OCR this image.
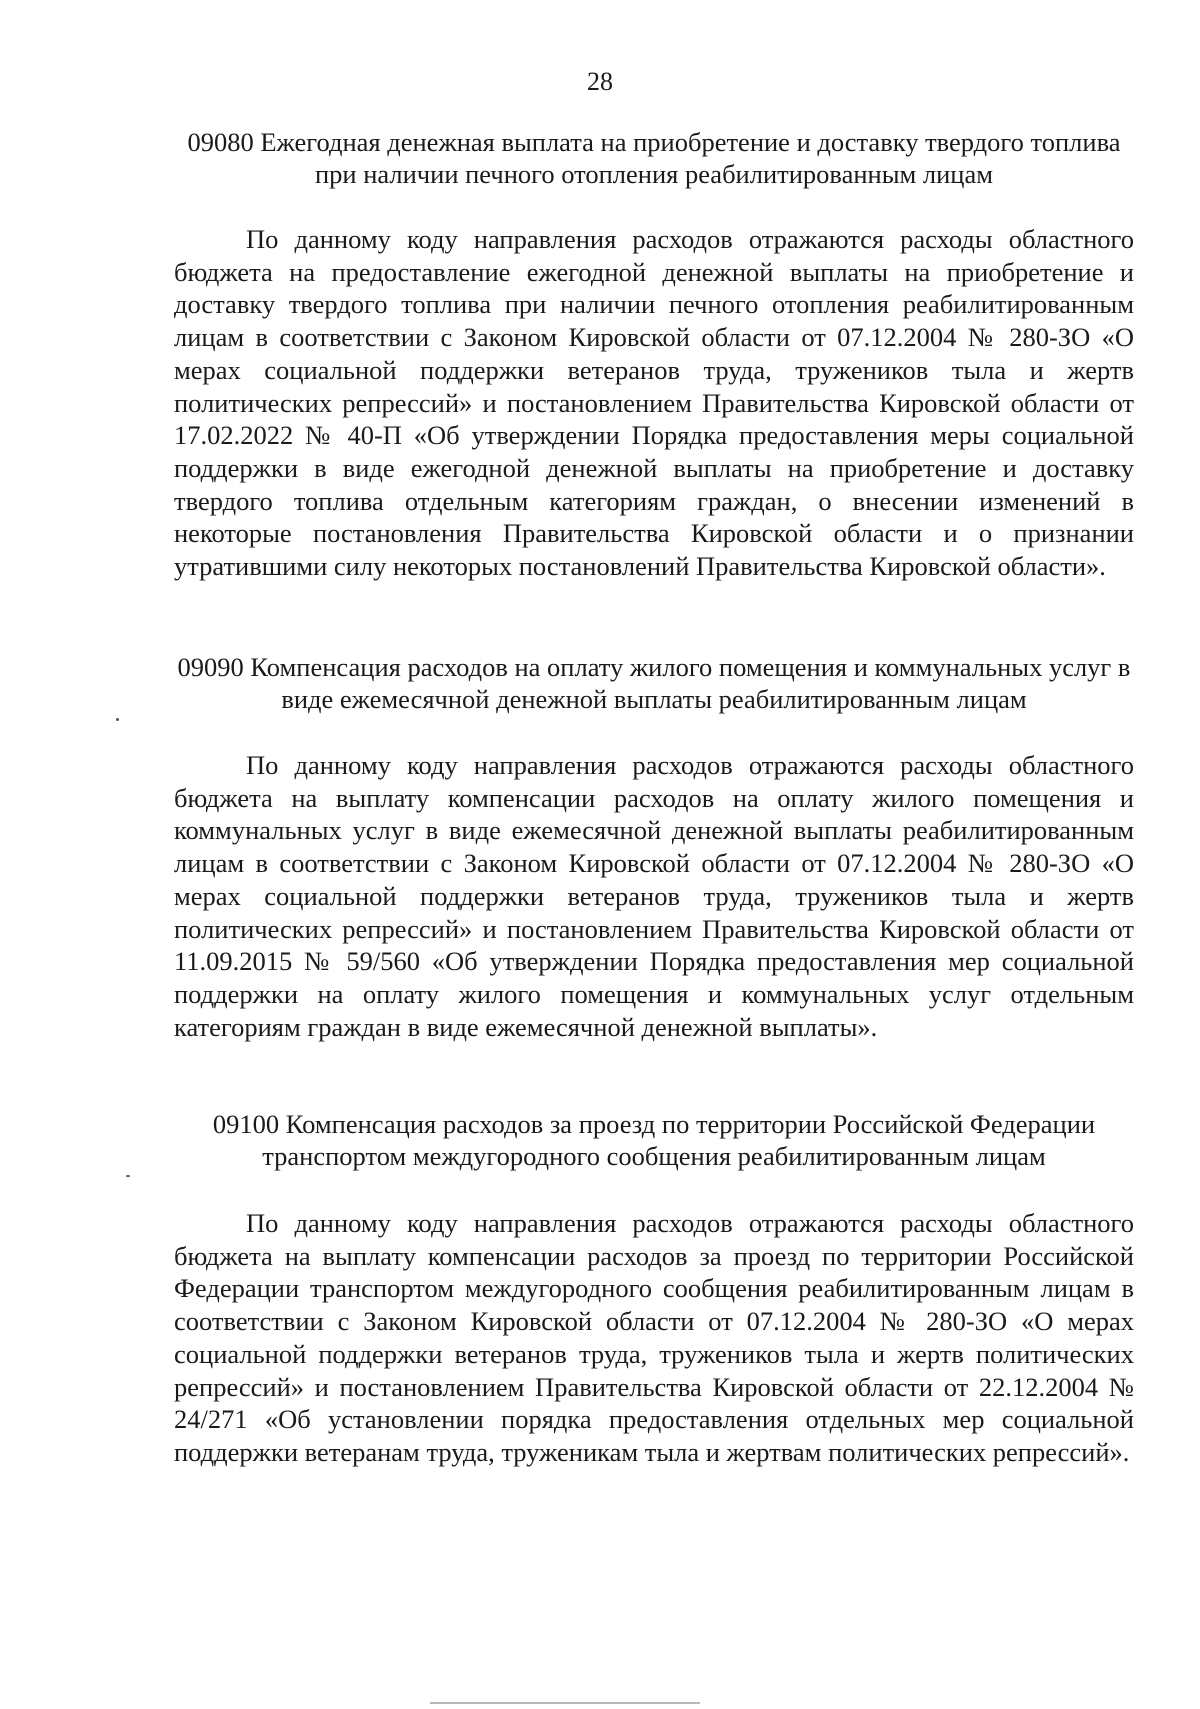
28
09080 Ежегодная денежная выплата на приобретение и доставку твердого топлива при наличии печного отопления реабилитированным лицам

По данному коду направления расходов отражаются расходы областного бюджета на предоставление ежегодной денежной выплаты на приобретение и доставку твердого топлива при наличии печного отопления реабилитированным лицам в соответствии с Законом Кировской области от 07.12.2004 № 280-ЗО «О мерах социальной поддержки ветеранов труда, тружеников тыла и жертв политических репрессий» и постановлением Правительства Кировской области от 17.02.2022 № 40-П «Об утверждении Порядка предоставления меры социальной поддержки в виде ежегодной денежной выплаты на приобретение и доставку твердого топлива отдельным категориям граждан, о внесении изменений в некоторые постановления Правительства Кировской области и о признании утратившими силу некоторых постановлений Правительства Кировской области».

09090 Компенсация расходов на оплату жилого помещения и коммунальных услуг в виде ежемесячной денежной выплаты реабилитированным лицам

По данному коду направления расходов отражаются расходы областного бюджета на выплату компенсации расходов на оплату жилого помещения и коммунальных услуг в виде ежемесячной денежной выплаты реабилитированным лицам в соответствии с Законом Кировской области от 07.12.2004 № 280-ЗО «О мерах социальной поддержки ветеранов труда, тружеников тыла и жертв политических репрессий» и постановлением Правительства Кировской области от 11.09.2015 № 59/560 «Об утверждении Порядка предоставления мер социальной поддержки на оплату жилого помещения и коммунальных услуг отдельным категориям граждан в виде ежемесячной денежной выплаты».

09100 Компенсация расходов за проезд по территории Российской Федерации транспортом междугородного сообщения реабилитированным лицам

По данному коду направления расходов отражаются расходы областного бюджета на выплату компенсации расходов за проезд по территории Российской Федерации транспортом междугородного сообщения реабилитированным лицам в соответствии с Законом Кировской области от 07.12.2004 № 280-ЗО «О мерах социальной поддержки ветеранов труда, тружеников тыла и жертв политических репрессий» и постановлением Правительства Кировской области от 22.12.2004 № 24/271 «Об установлении порядка предоставления отдельных мер социальной поддержки ветеранам труда, труженикам тыла и жертвам политических репрессий».
